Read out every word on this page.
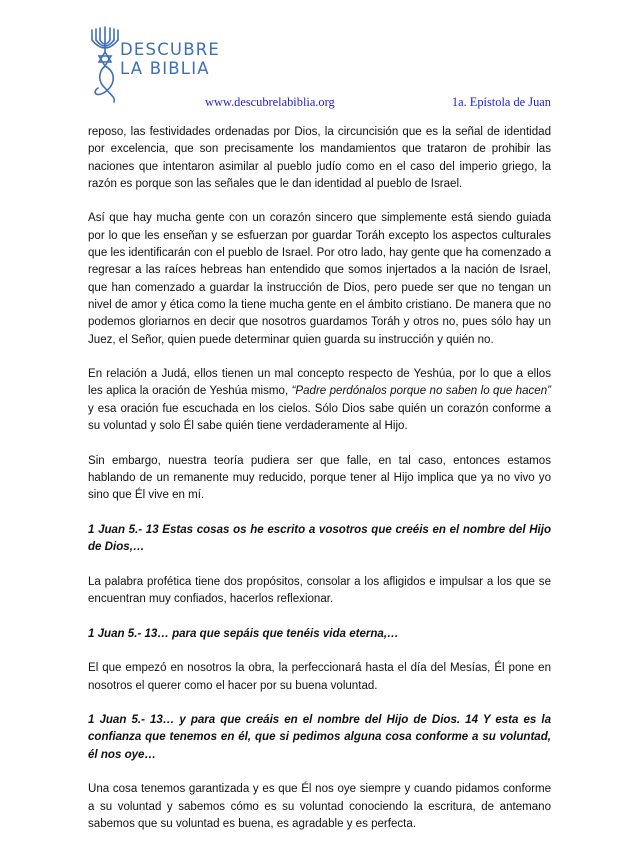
DESCUBRE
LA BIBLIA
www.descubrelabiblia.org	1a. Epístola de Juan

reposo, las festividades ordenadas por Dios, la circuncisión que es la señal de identidad por excelencia, que son precisamente los mandamientos que trataron de prohibir las naciones que intentaron asimilar al pueblo judío como en el caso del imperio griego, la razón es porque son las señales que le dan identidad al pueblo de Israel.

Así que hay mucha gente con un corazón sincero que simplemente está siendo guiada por lo que les enseñan y se esfuerzan por guardar Toráh excepto los aspectos culturales que les identificarán con el pueblo de Israel. Por otro lado, hay gente que ha comenzado a regresar a las raíces hebreas han entendido que somos injertados a la nación de Israel, que han comenzado a guardar la instrucción de Dios, pero puede ser que no tengan un nivel de amor y ética como la tiene mucha gente en el ámbito cristiano. De manera que no podemos gloriarnos en decir que nosotros guardamos Toráh y otros no, pues sólo hay un Juez, el Señor, quien puede determinar quien guarda su instrucción y quién no.

En relación a Judá, ellos tienen un mal concepto respecto de Yeshúa, por lo que a ellos les aplica la oración de Yeshúa mismo, “Padre perdónalos porque no saben lo que hacen” y esa oración fue escuchada en los cielos. Sólo Dios sabe quién un corazón conforme a su voluntad y solo Él sabe quién tiene verdaderamente al Hijo.

Sin embargo, nuestra teoría pudiera ser que falle, en tal caso, entonces estamos hablando de un remanente muy reducido, porque tener al Hijo implica que ya no vivo yo sino que Él vive en mí.

1 Juan 5.- 13 Estas cosas os he escrito a vosotros que creéis en el nombre del Hijo de Dios,…

La palabra profética tiene dos propósitos, consolar a los afligidos e impulsar a los que se encuentran muy confiados, hacerlos reflexionar.

1 Juan 5.- 13… para que sepáis que tenéis vida eterna,…

El que empezó en nosotros la obra, la perfeccionará hasta el día del Mesías, Él pone en nosotros el querer como el hacer por su buena voluntad.

1 Juan 5.- 13… y para que creáis en el nombre del Hijo de Dios. 14 Y esta es la confianza que tenemos en él, que si pedimos alguna cosa conforme a su voluntad, él nos oye…

Una cosa tenemos garantizada y es que Él nos oye siempre y cuando pidamos conforme a su voluntad y sabemos cómo es su voluntad conociendo la escritura, de antemano sabemos que su voluntad es buena, es agradable y es perfecta.
